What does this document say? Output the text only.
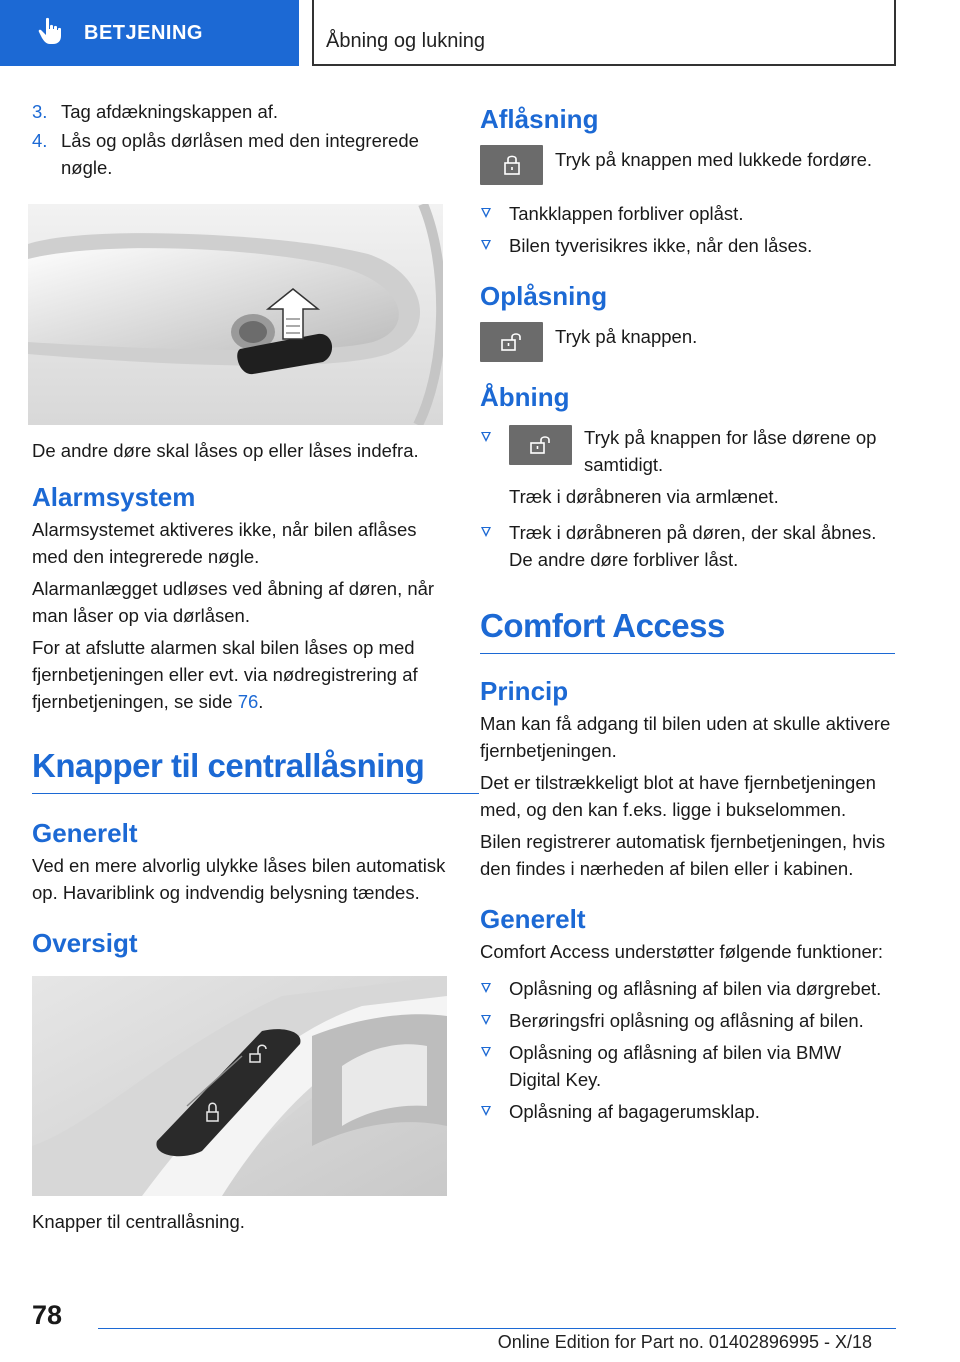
BETJENING	Åbning og lukning
3. Tag afdækningskappen af.
4. Lås og oplås dørlåsen med den integrerede nøgle.

De andre døre skal låses op eller låses indefra.

Alarmsystem

Alarmsystemet aktiveres ikke, når bilen aflåses med den integrerede nøgle.

Alarmanlægget udløses ved åbning af døren, når man låser op via dørlåsen.

For at afslutte alarmen skal bilen låses op med fjernbetjeningen eller evt. via nødregistrering af fjernbetjeningen, se side 76.

Knapper til centrallåsning
Generelt

Ved en mere alvorlig ulykke låses bilen automatisk op. Havariblink og indvendig belysning tændes.

Oversigt

Knapper til centrallåsning.

Aflåsning
Tryk på knappen med lukkede fordøre.
Tankklappen forbliver oplåst.
Bilen tyverisikres ikke, når den låses.
Oplåsning
Tryk på knappen.
Åbning
Tryk på knappen for låse dørene op samtidigt.

Træk i døråbneren via armlænet.

Træk i døråbneren på døren, der skal åbnes. De andre døre forbliver låst.
Comfort Access
Princip

Man kan få adgang til bilen uden at skulle aktivere fjernbetjeningen.

Det er tilstrækkeligt blot at have fjernbetjeningen med, og den kan f.eks. ligge i bukselommen.

Bilen registrerer automatisk fjernbetjeningen, hvis den findes i nærheden af bilen eller i kabinen.

Generelt

Comfort Access understøtter følgende funktioner:

Oplåsning og aflåsning af bilen via dørgrebet.
Berøringsfri oplåsning og aflåsning af bilen.
Oplåsning og aflåsning af bilen via BMW Digital Key.
Oplåsning af bagagerumsklap.
78
Online Edition for Part no. 01402896995 - X/18
